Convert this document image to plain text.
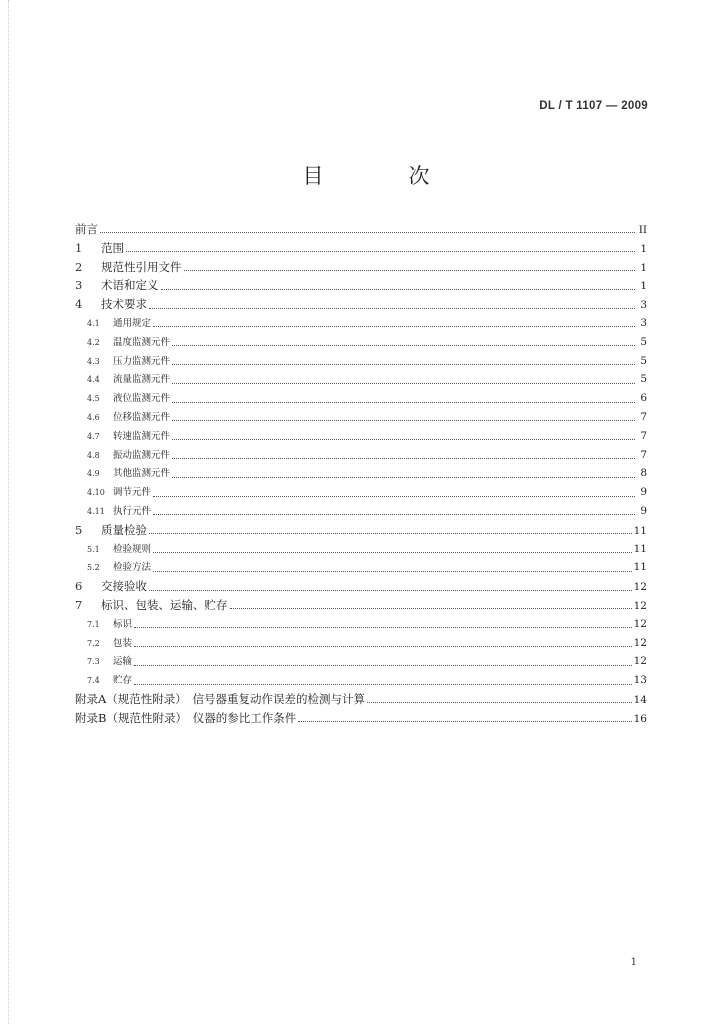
DL / T 1107 — 2009
目　次
前言	II
1	范围	1
2	规范性引用文件	1
3	术语和定义	1
4	技术要求	3
4.1	通用规定	3
4.2	温度监测元件	5
4.3	压力监测元件	5
4.4	流量监测元件	5
4.5	液位监测元件	6
4.6	位移监测元件	7
4.7	转速监测元件	7
4.8	振动监测元件	7
4.9	其他监测元件	8
4.10 调节元件	9
4.11 执行元件	9
5	质量检验	11
5.1	检验规则	11
5.2	检验方法	11
6	交接验收	12
7	标识、包装、运输、贮存	12
7.1	标识	12
7.2	包装	12
7.3	运输	12
7.4	贮存	13
附录A（规范性附录）　信号器重复动作误差的检测与计算	14
附录B（规范性附录）　仪器的参比工作条件	16
1
